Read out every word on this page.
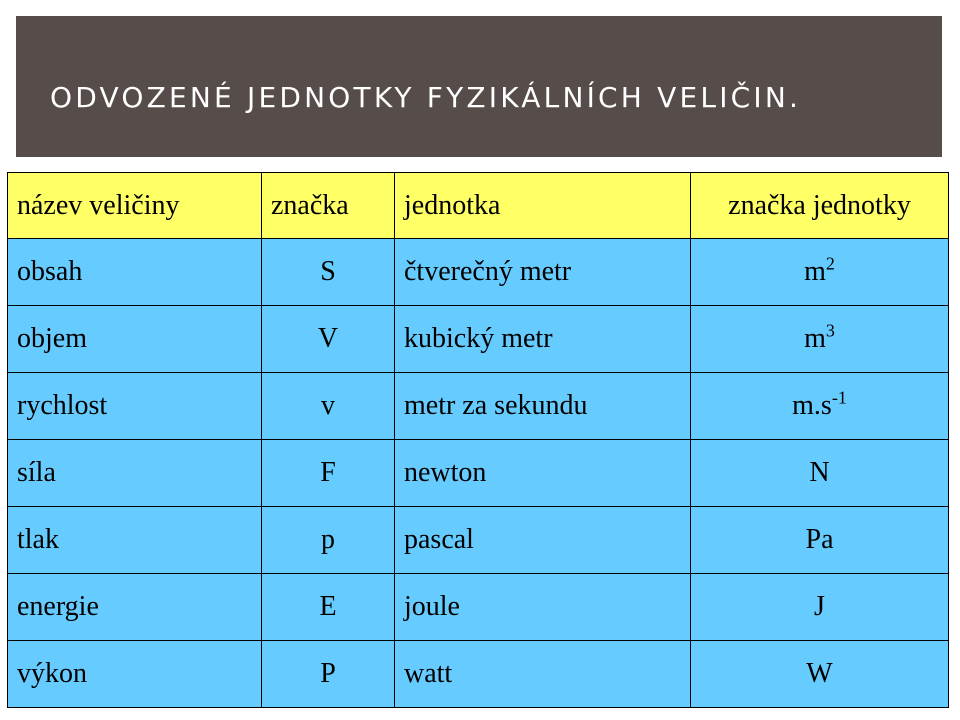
ODVOZENÉ JEDNOTKY FYZIKÁLNÍCH VELIČIN.
název veličiny	značka	jednotka	značka jednotky
obsah	S	čtverečný metr	$m^2$
objem	V	kubický metr	$m^3$
rychlost	v	metr za sekundu	$m.s^{-1}$
síla	F	newton	N
tlak	p	pascal	Pa
energie	E	joule	J
výkon	P	watt	W
